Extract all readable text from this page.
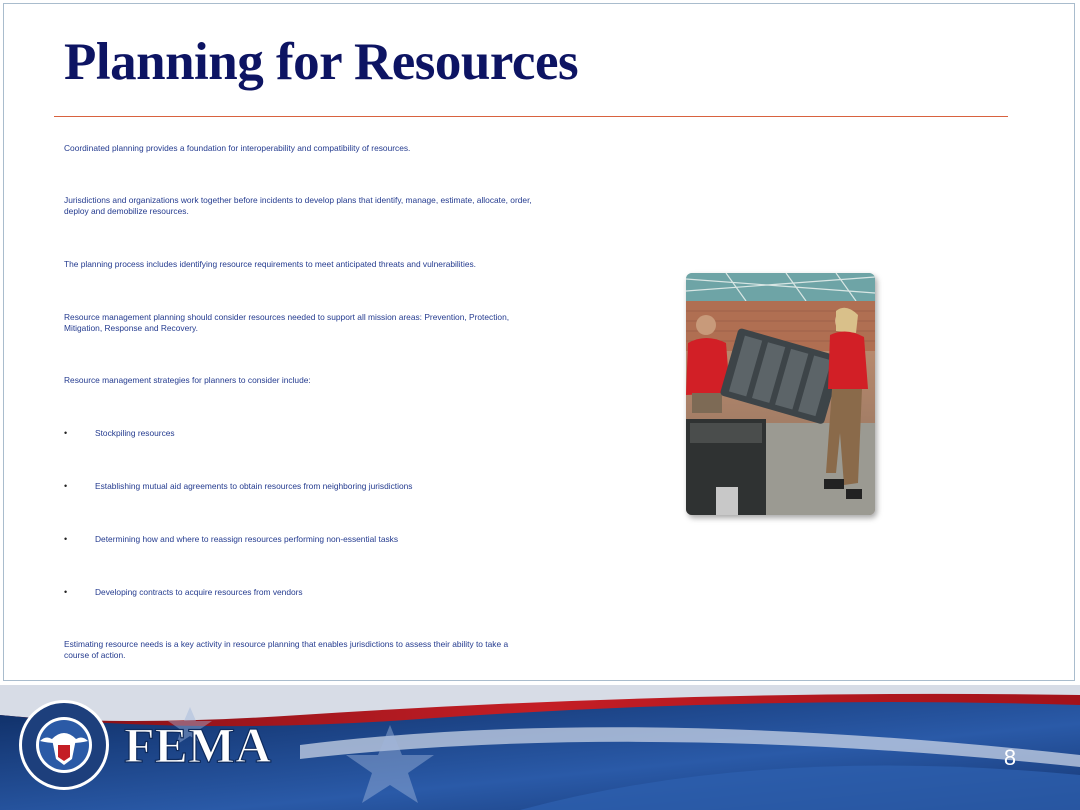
Planning for Resources

Coordinated planning provides a foundation for interoperability and compatibility of resources.

Jurisdictions and organizations work together before incidents to develop plans that identify, manage, estimate, allocate, order, deploy and demobilize resources.

The planning process includes identifying resource requirements to meet anticipated threats and vulnerabilities.

Resource management planning should consider resources needed to support all mission areas: Prevention, Protection, Mitigation, Response and Recovery.

Resource management strategies for planners to consider include:

•	Stockpiling resources

•	Establishing mutual aid agreements to obtain resources from neighboring jurisdictions

•	Determining how and where to reassign resources performing non-essential tasks

•	Developing contracts to acquire resources from vendors

Estimating resource needs is a key activity in resource planning that enables jurisdictions to assess their ability to take a course of action.

FEMA	8
